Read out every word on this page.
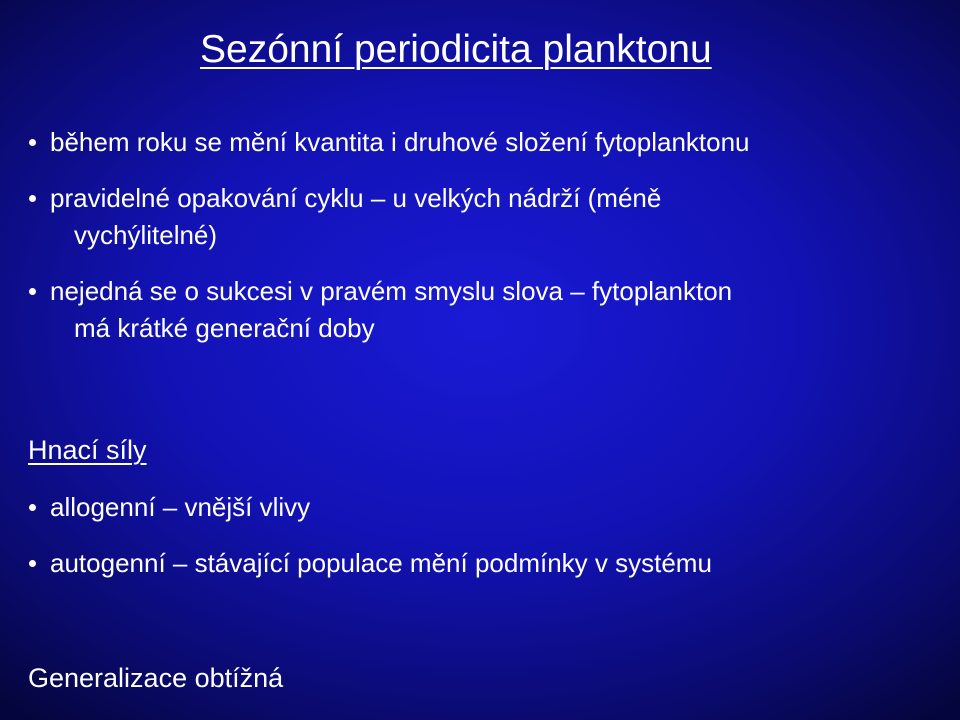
Sezónní periodicita planktonu
během roku se mění kvantita i druhové složení fytoplanktonu
pravidelné opakování cyklu – u velkých nádrží (méně
vychýlitelné)
nejedná se o sukcesi v pravém smyslu slova – fytoplankton
má krátké generační doby
Hnací síly
allogenní – vnější vlivy
autogenní – stávající populace mění podmínky v systému
Generalizace obtížná
